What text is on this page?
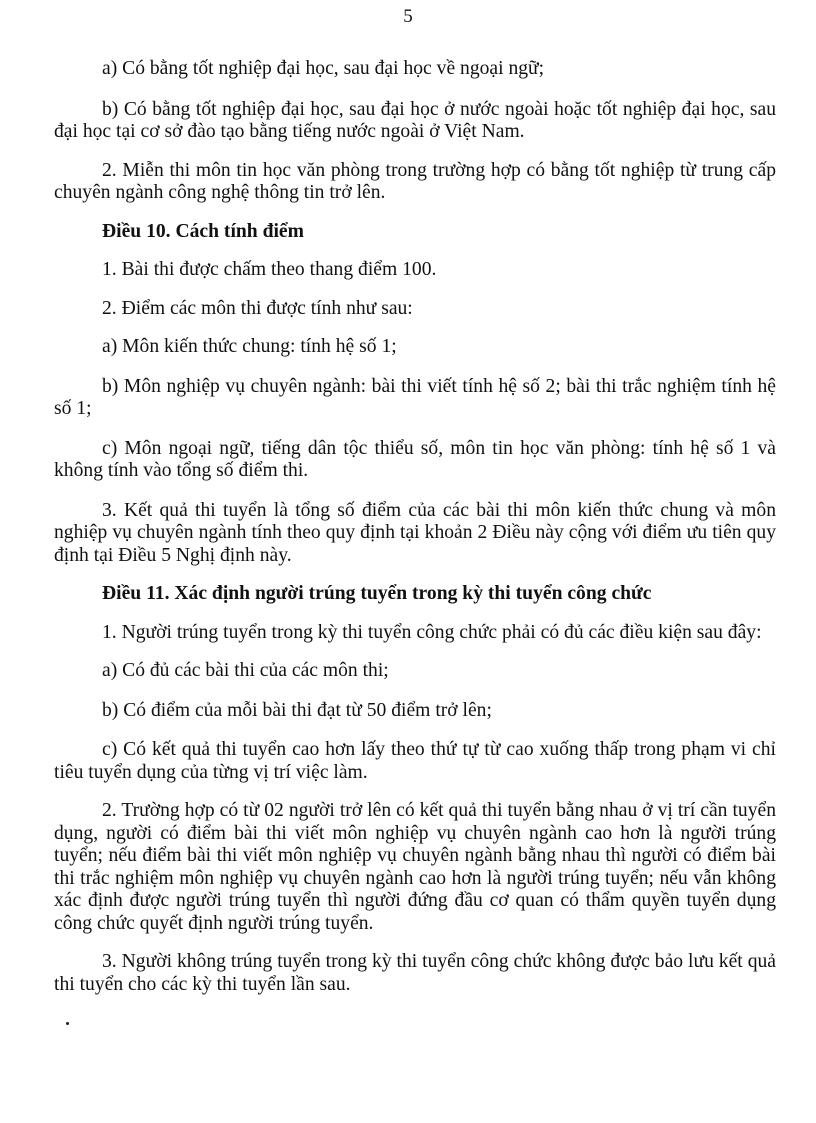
5

a) Có bằng tốt nghiệp đại học, sau đại học về ngoại ngữ;

b) Có bằng tốt nghiệp đại học, sau đại học ở nước ngoài hoặc tốt nghiệp đại học, sau đại học tại cơ sở đào tạo bằng tiếng nước ngoài ở Việt Nam.

2. Miễn thi môn tin học văn phòng trong trường hợp có bằng tốt nghiệp từ trung cấp chuyên ngành công nghệ thông tin trở lên.

Điều 10. Cách tính điểm

1. Bài thi được chấm theo thang điểm 100.

2. Điểm các môn thi được tính như sau:

a) Môn kiến thức chung: tính hệ số 1;

b) Môn nghiệp vụ chuyên ngành: bài thi viết tính hệ số 2; bài thi trắc nghiệm tính hệ số 1;

c) Môn ngoại ngữ, tiếng dân tộc thiểu số, môn tin học văn phòng: tính hệ số 1 và không tính vào tổng số điểm thi.

3. Kết quả thi tuyển là tổng số điểm của các bài thi môn kiến thức chung và môn nghiệp vụ chuyên ngành tính theo quy định tại khoản 2 Điều này cộng với điểm ưu tiên quy định tại Điều 5 Nghị định này.

Điều 11. Xác định người trúng tuyển trong kỳ thi tuyển công chức

1. Người trúng tuyển trong kỳ thi tuyển công chức phải có đủ các điều kiện sau đây:

a) Có đủ các bài thi của các môn thi;

b) Có điểm của mỗi bài thi đạt từ 50 điểm trở lên;

c) Có kết quả thi tuyển cao hơn lấy theo thứ tự từ cao xuống thấp trong phạm vi chỉ tiêu tuyển dụng của từng vị trí việc làm.

2. Trường hợp có từ 02 người trở lên có kết quả thi tuyển bằng nhau ở vị trí cần tuyển dụng, người có điểm bài thi viết môn nghiệp vụ chuyên ngành cao hơn là người trúng tuyển; nếu điểm bài thi viết môn nghiệp vụ chuyên ngành bằng nhau thì người có điểm bài thi trắc nghiệm môn nghiệp vụ chuyên ngành cao hơn là người trúng tuyển; nếu vẫn không xác định được người trúng tuyển thì người đứng đầu cơ quan có thẩm quyền tuyển dụng công chức quyết định người trúng tuyển.

3. Người không trúng tuyển trong kỳ thi tuyển công chức không được bảo lưu kết quả thi tuyển cho các kỳ thi tuyển lần sau.
